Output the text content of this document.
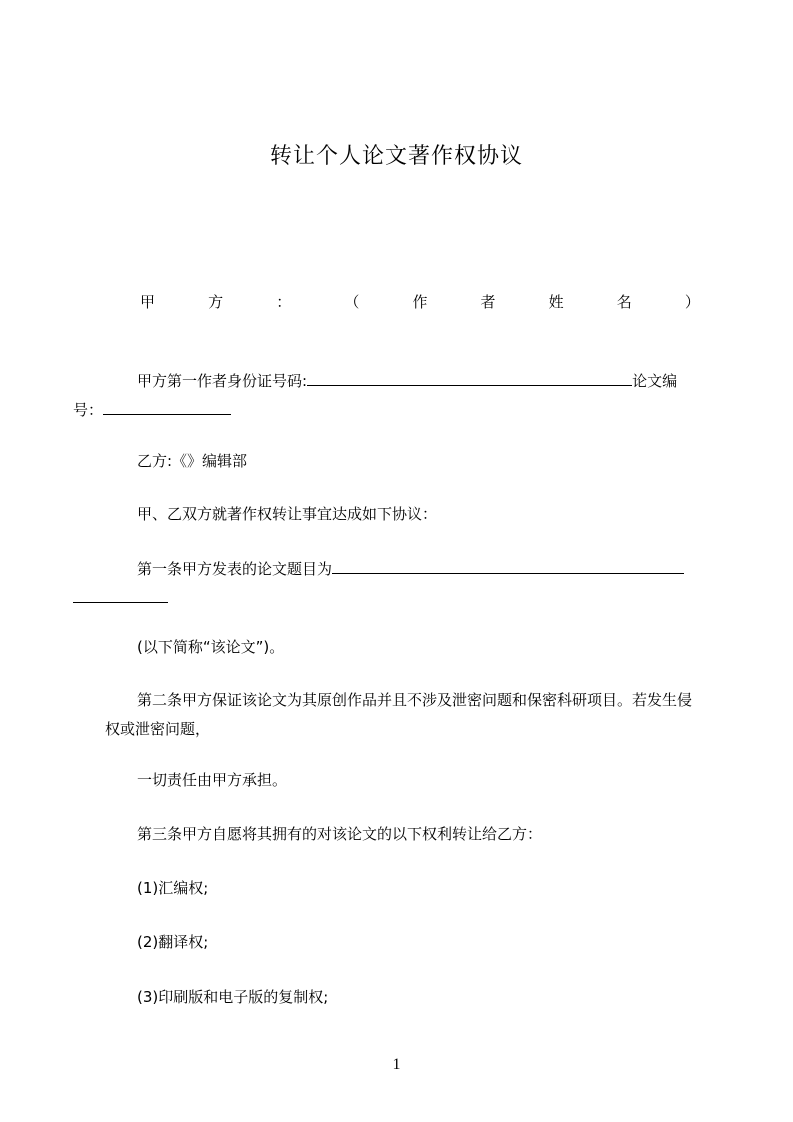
转让个人论文著作权协议
甲	方	：	（	作	者	姓	名	）

甲方第一作者身份证号码:	论文编
号：

乙方:《》编辑部

甲、乙双方就著作权转让事宜达成如下协议：

第一条甲方发表的论文题目为

(以下简称“该论文”)。

第二条甲方保证该论文为其原创作品并且不涉及泄密问题和保密科研项目。若发生侵权或泄密问题，

一切责任由甲方承担。

第三条甲方自愿将其拥有的对该论文的以下权利转让给乙方：

(1)汇编权;

(2)翻译权;

(3)印刷版和电子版的复制权;

1
